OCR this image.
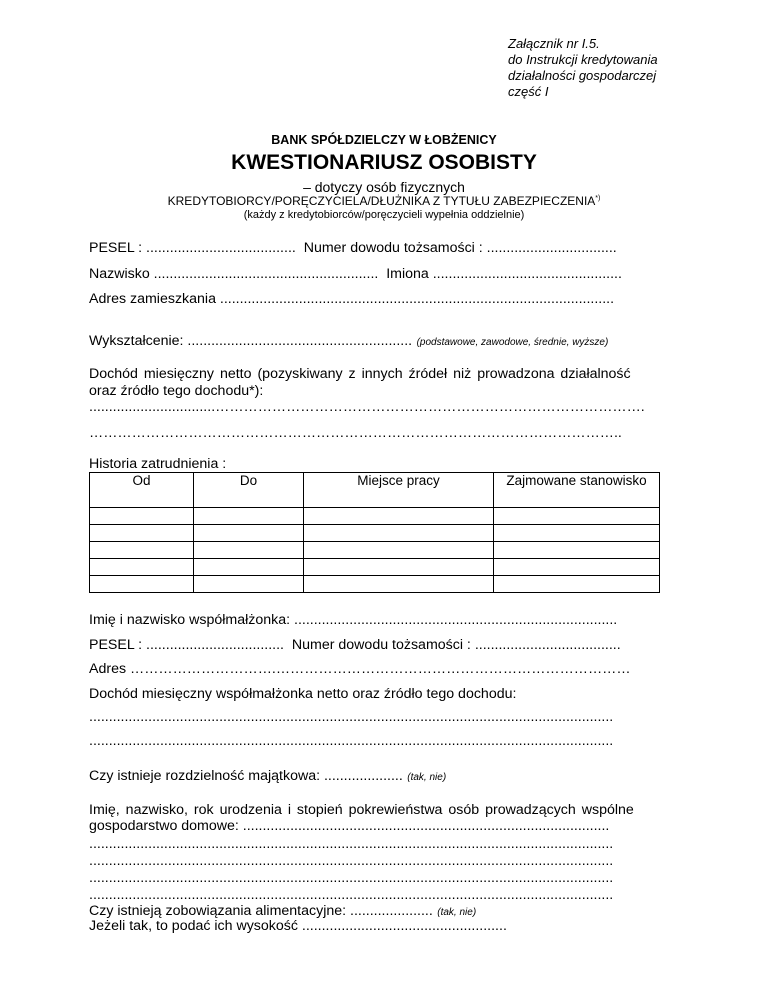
Załącznik nr I.5.
do Instrukcji kredytowania
działalności gospodarczej
część I
BANK SPÓŁDZIELCZY W ŁOBŻENICY
KWESTIONARIUSZ OSOBISTY
– dotyczy osób fizycznych
KREDYTOBIORCY/PORĘCZYCIELA/DŁUŻNIKA Z TYTUŁU ZABEZPIECZENIA*)
(każdy z kredytobiorców/poręczycieli wypełnia oddzielnie)
PESEL : ......................................  Numer dowodu tożsamości : .................................
Nazwisko .........................................................  Imiona ................................................
Adres zamieszkania ....................................................................................................
Wykształcenie: ......................................................... (podstawowe, zawodowe, średnie, wyższe)
Dochód miesięczny netto (pozyskiwany z innych źródeł niż prowadzona działalność
oraz źródło tego dochodu*):
................................……………………………………………………………………………….
…………………………………………………………………………………………………..
Historia zatrudnienia :
Od	Do	Miejsce pracy	Zajmowane stanowisko

Imię i nazwisko współmałżonka: ..................................................................................
PESEL : ...................................  Numer dowodu tożsamości : .....................................
Adres ………………………….…………………………………………………………………
Dochód miesięczny współmałżonka netto oraz źródło tego dochodu:
.....................................................................................................................................
.....................................................................................................................................
Czy istnieje rozdzielność majątkowa: .................... (tak, nie)
Imię, nazwisko, rok urodzenia i stopień pokrewieństwa osób prowadzących wspólne
gospodarstwo domowe: .............................................................................................
.....................................................................................................................................
.....................................................................................................................................
.....................................................................................................................................
.....................................................................................................................................
Czy istnieją zobowiązania alimentacyjne: ..................... (tak, nie)
Jeżeli tak, to podać ich wysokość ....................................................
